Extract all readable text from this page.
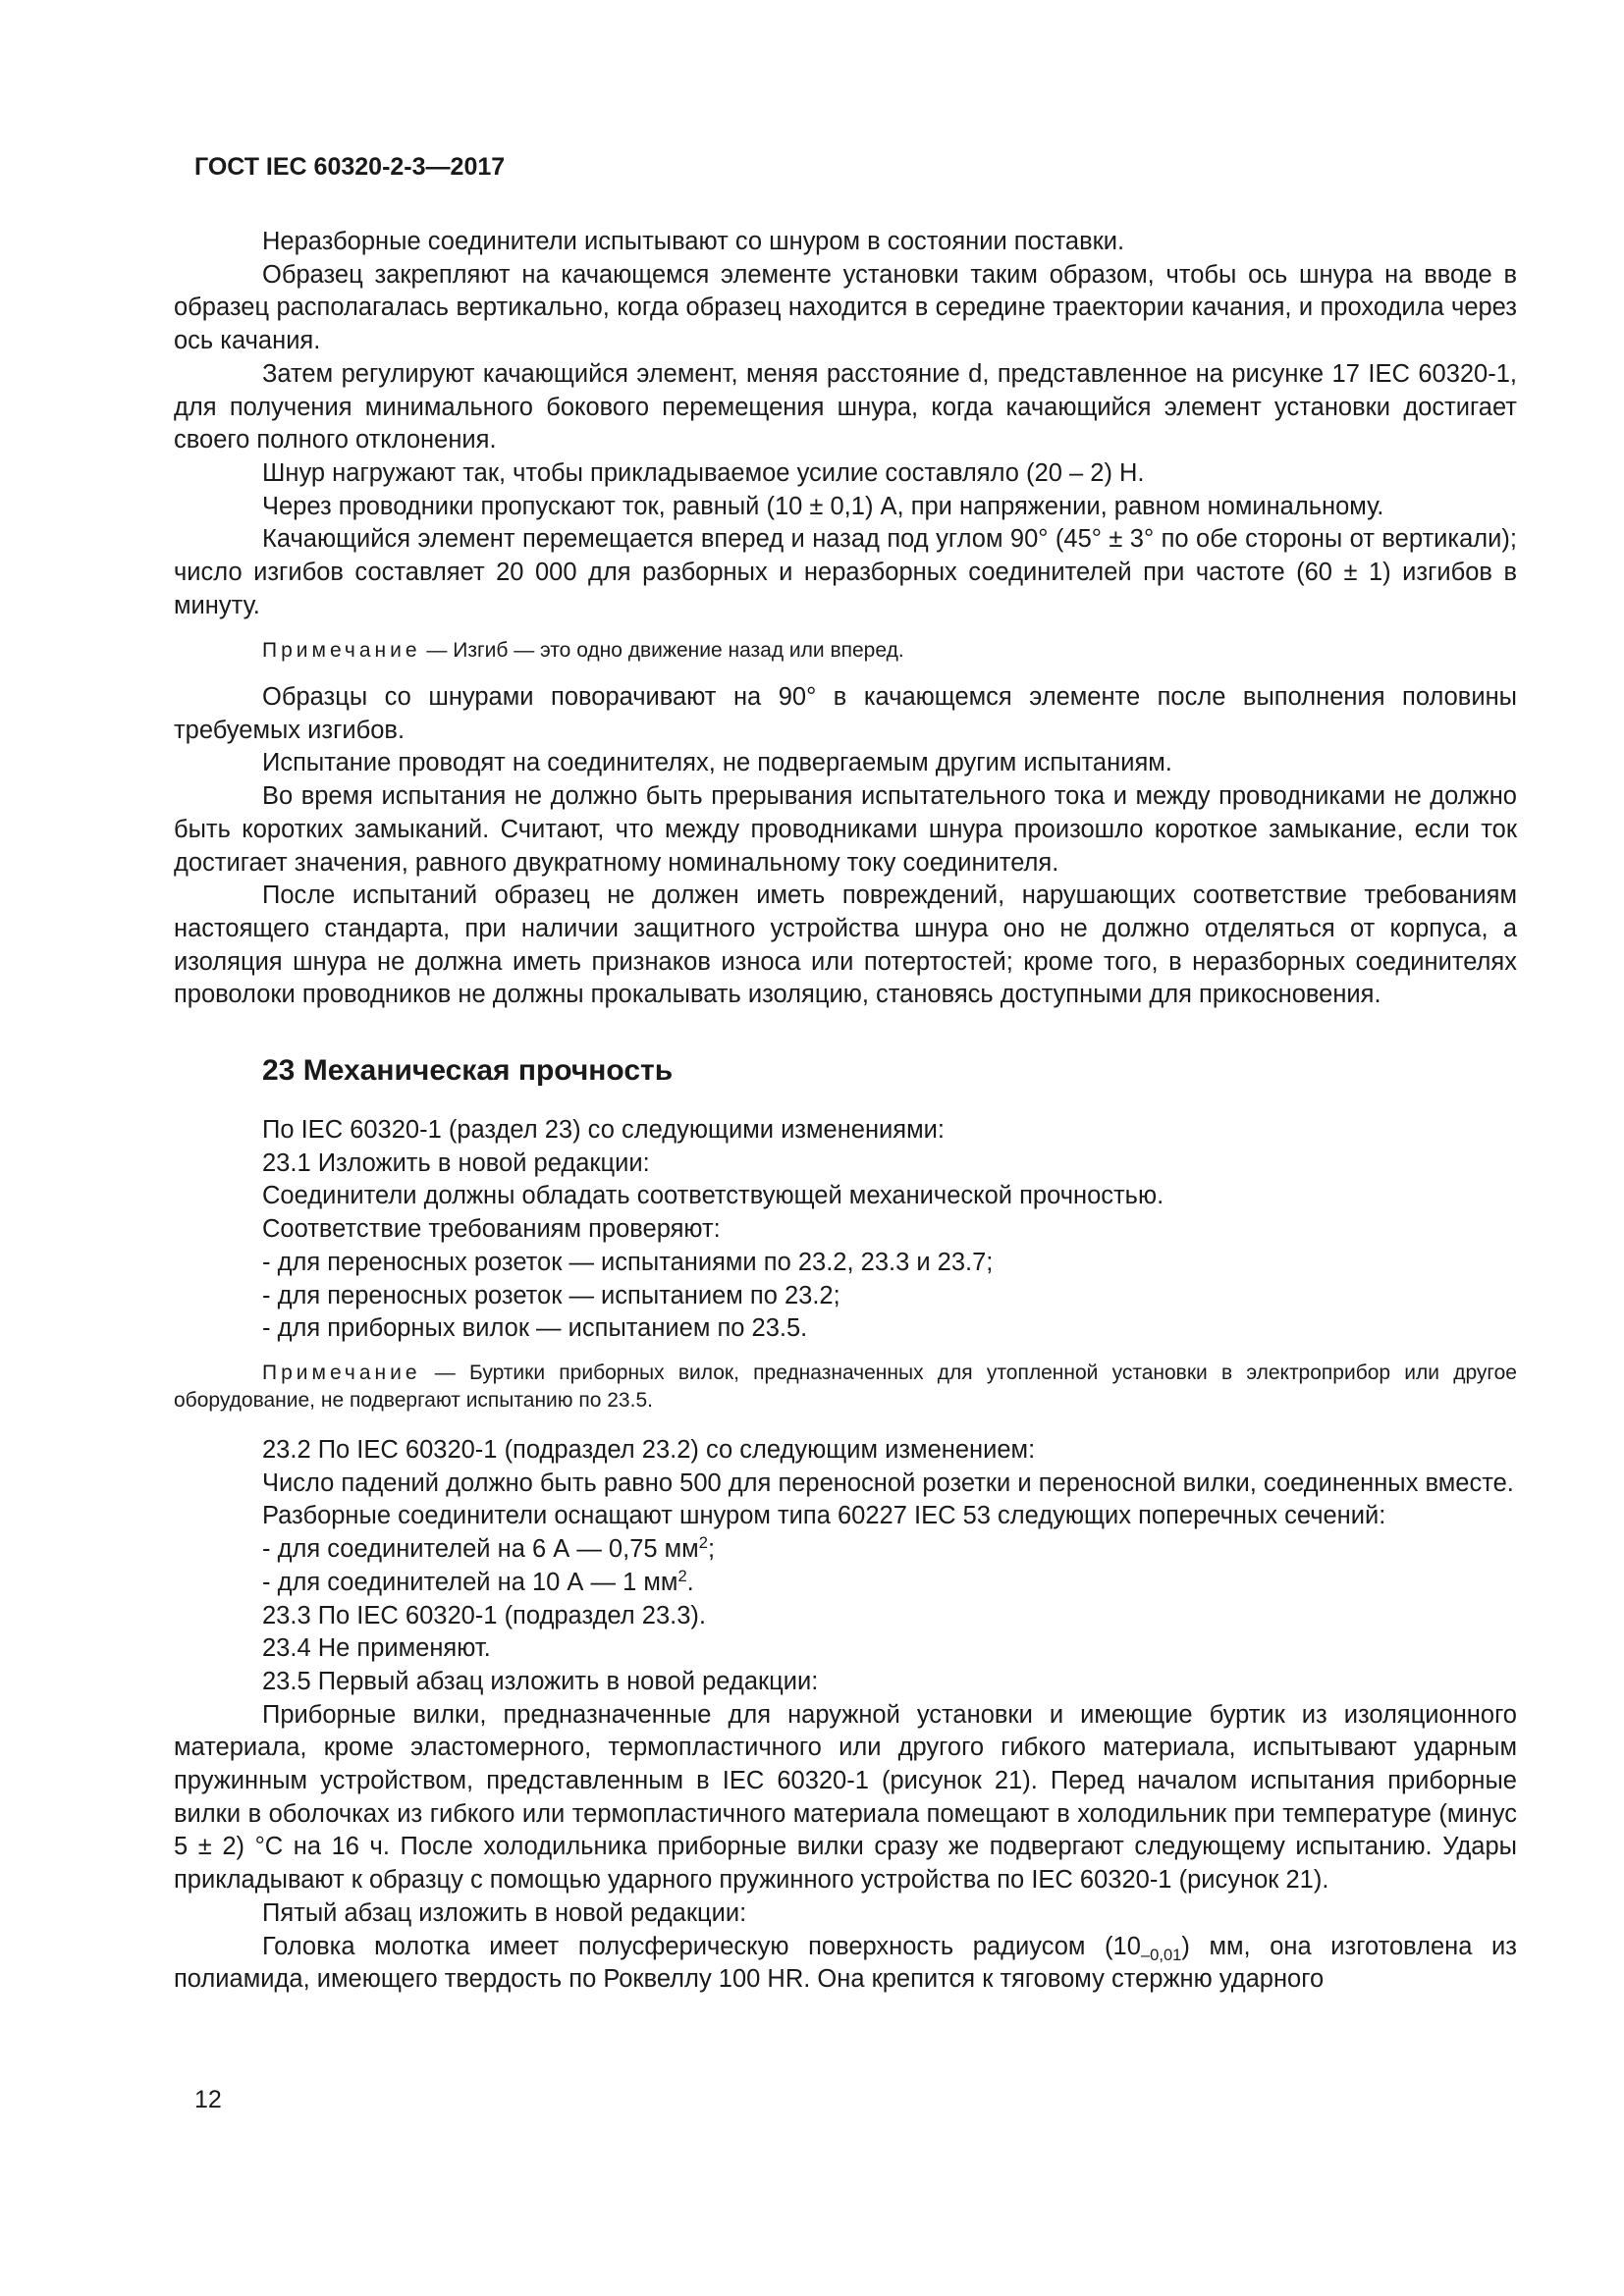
ГОСТ IEC 60320-2-3—2017

Неразборные соединители испытывают со шнуром в состоянии поставки.

Образец закрепляют на качающемся элементе установки таким образом, чтобы ось шнура на вводе в образец располагалась вертикально, когда образец находится в середине траектории качания, и проходила через ось качания.

Затем регулируют качающийся элемент, меняя расстояние d, представленное на рисунке 17 IEC 60320-1, для получения минимального бокового перемещения шнура, когда качающийся элемент установки достигает своего полного отклонения.

Шнур нагружают так, чтобы прикладываемое усилие составляло (20 – 2) Н.

Через проводники пропускают ток, равный (10 ± 0,1) А, при напряжении, равном номинальному.

Качающийся элемент перемещается вперед и назад под углом 90° (45° ± 3° по обе стороны от вертикали); число изгибов составляет 20 000 для разборных и неразборных соединителей при частоте (60 ± 1) изгибов в минуту.

Примечание — Изгиб — это одно движение назад или вперед.

Образцы со шнурами поворачивают на 90° в качающемся элементе после выполнения половины требуемых изгибов.

Испытание проводят на соединителях, не подвергаемым другим испытаниям.

Во время испытания не должно быть прерывания испытательного тока и между проводниками не должно быть коротких замыканий. Считают, что между проводниками шнура произошло короткое замыкание, если ток достигает значения, равного двукратному номинальному току соединителя.

После испытаний образец не должен иметь повреждений, нарушающих соответствие требованиям настоящего стандарта, при наличии защитного устройства шнура оно не должно отделяться от корпуса, а изоляция шнура не должна иметь признаков износа или потертостей; кроме того, в неразборных соединителях проволоки проводников не должны прокалывать изоляцию, становясь доступными для прикосновения.

23 Механическая прочность

По IEC 60320-1 (раздел 23) со следующими изменениями:

23.1 Изложить в новой редакции:

Соединители должны обладать соответствующей механической прочностью.

Соответствие требованиям проверяют:

- для переносных розеток — испытаниями по 23.2, 23.3 и 23.7;

- для переносных розеток — испытанием по 23.2;

- для приборных вилок — испытанием по 23.5.

Примечание — Буртики приборных вилок, предназначенных для утопленной установки в электроприбор или другое оборудование, не подвергают испытанию по 23.5.

23.2 По IEC 60320-1 (подраздел 23.2) со следующим изменением:

Число падений должно быть равно 500 для переносной розетки и переносной вилки, соединенных вместе.

Разборные соединители оснащают шнуром типа 60227 IEC 53 следующих поперечных сечений:

- для соединителей на 6 А — 0,75 $мм^2$;

- для соединителей на 10 А — 1 $мм^2$.

23.3 По IEC 60320-1 (подраздел 23.3).

23.4 Не применяют.

23.5 Первый абзац изложить в новой редакции:

Приборные вилки, предназначенные для наружной установки и имеющие буртик из изоляционного материала, кроме эластомерного, термопластичного или другого гибкого материала, испытывают ударным пружинным устройством, представленным в IEC 60320-1 (рисунок 21). Перед началом испытания приборные вилки в оболочках из гибкого или термопластичного материала помещают в холодильник при температуре (минус 5 ± 2) °С на 16 ч. После холодильника приборные вилки сразу же подвергают следующему испытанию. Удары прикладывают к образцу с помощью ударного пружинного устройства по IEC 60320-1 (рисунок 21).

Пятый абзац изложить в новой редакции:

Головка молотка имеет полусферическую поверхность радиусом $(10_{-0,01})$ мм, она изготовлена из полиамида, имеющего твердость по Роквеллу 100 HR. Она крепится к тяговому стержню ударного

12
